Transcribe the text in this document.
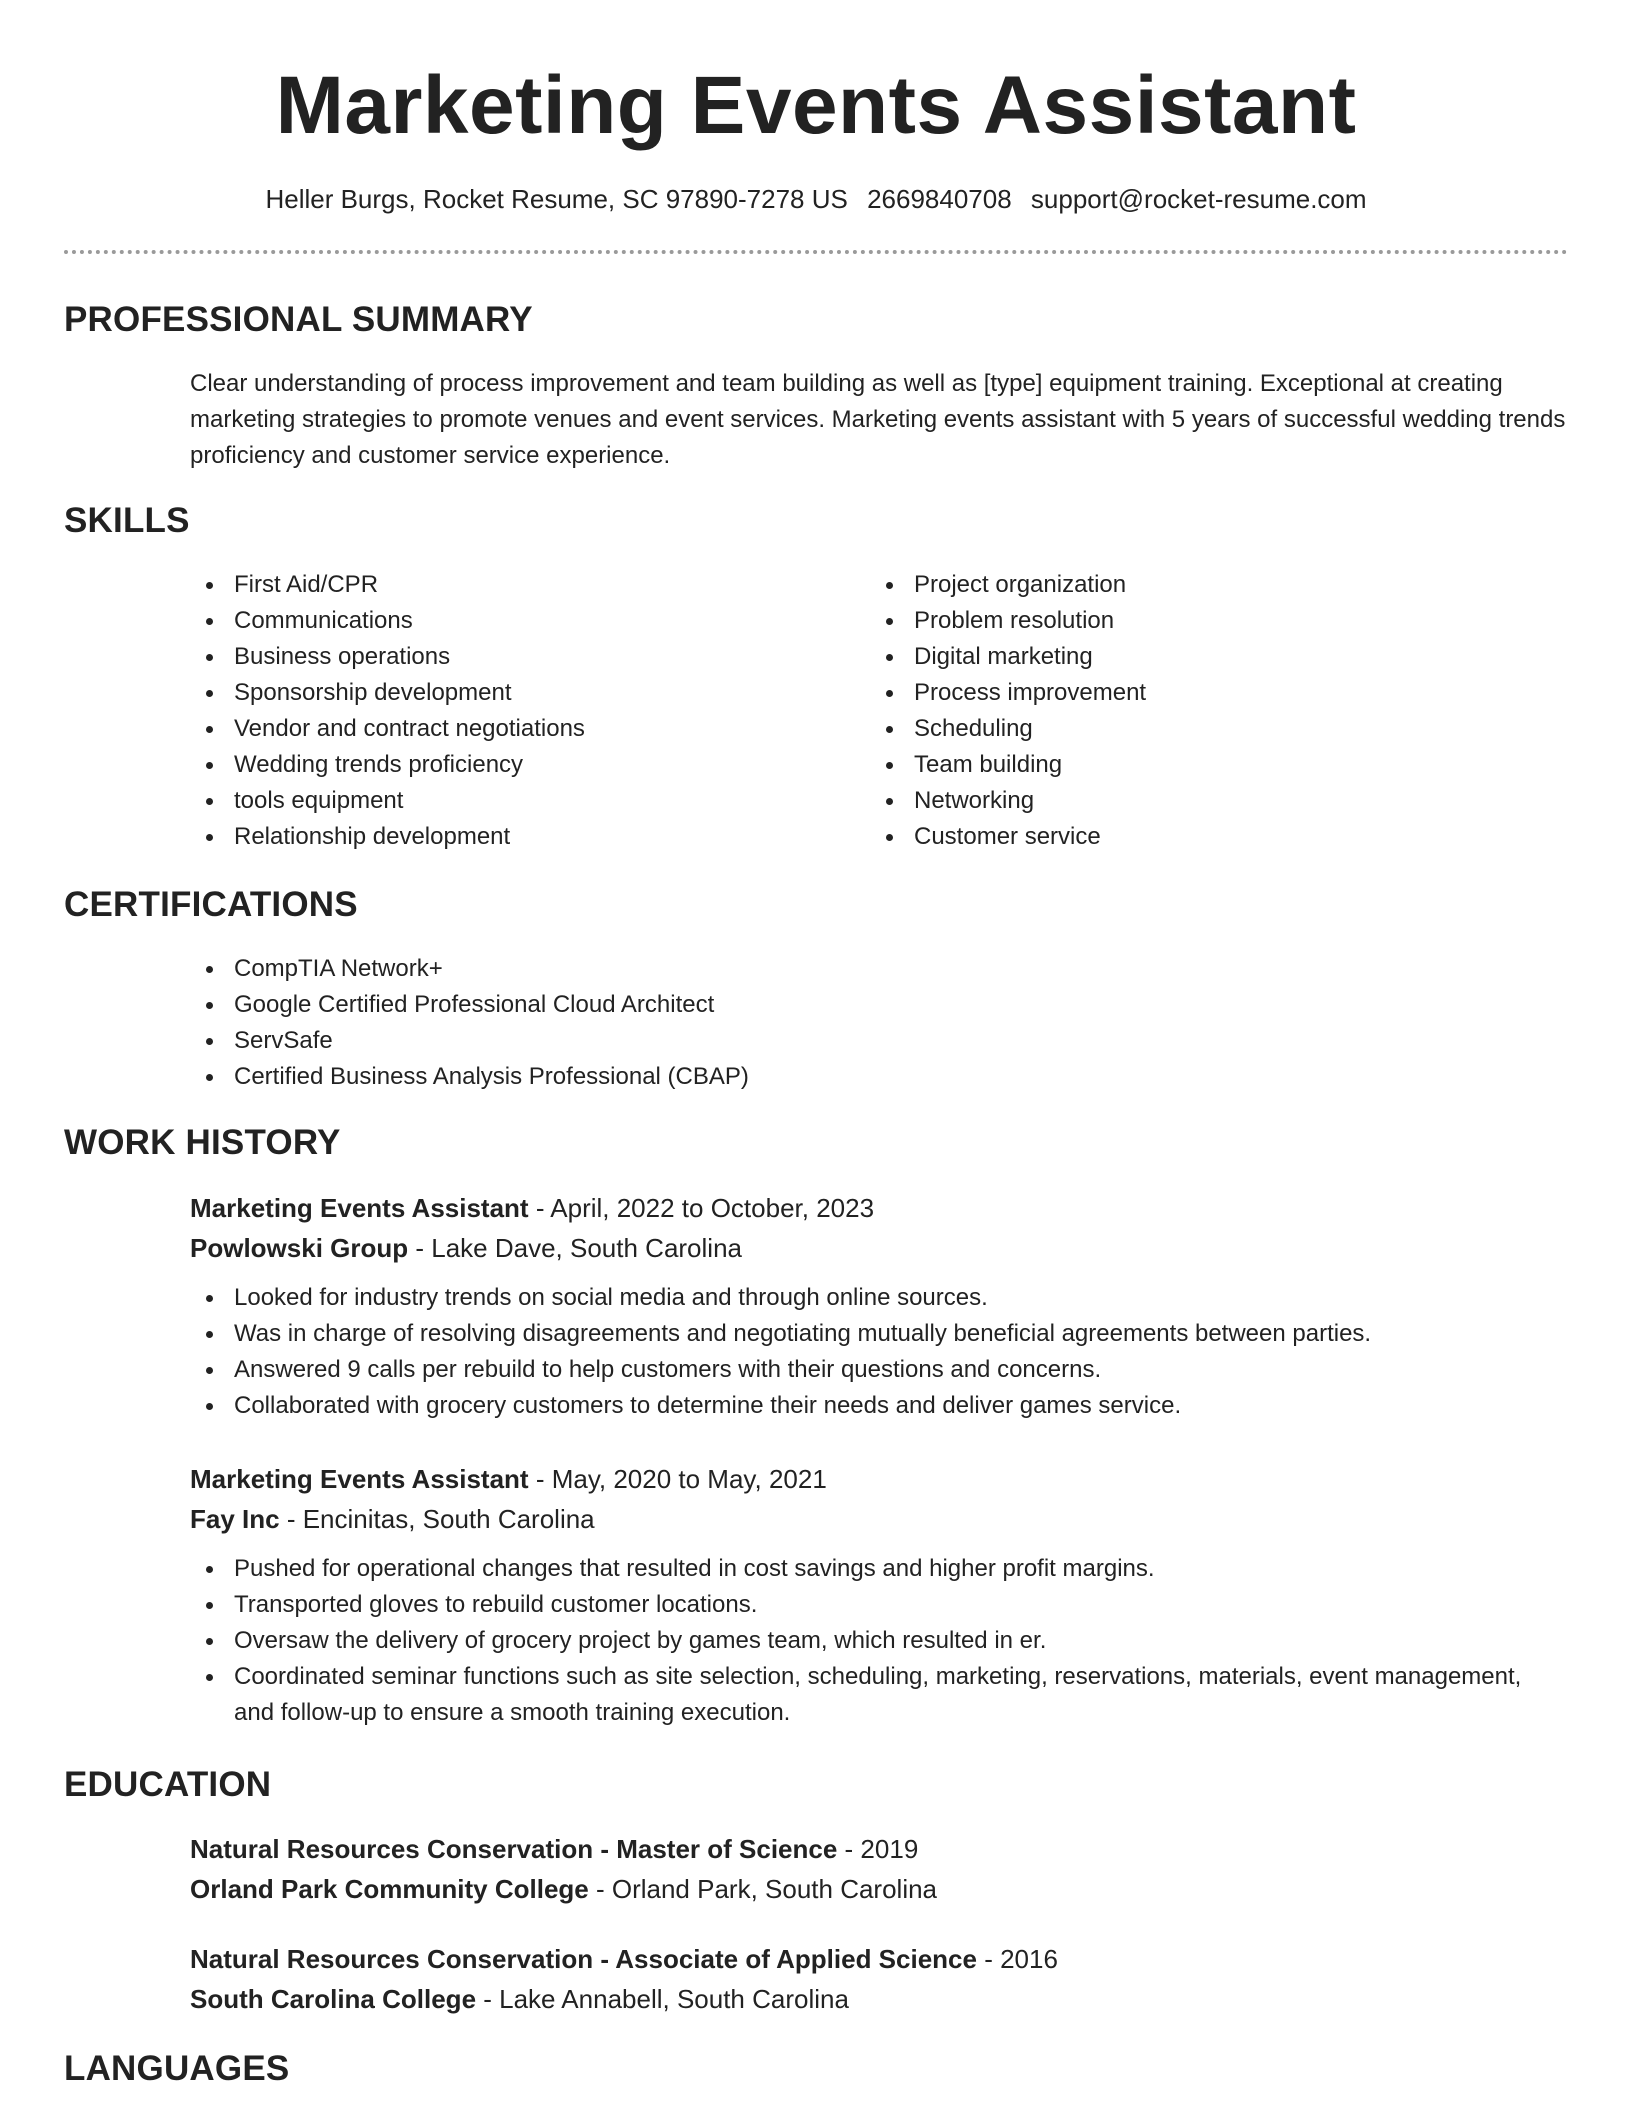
Marketing Events Assistant
Heller Burgs, Rocket Resume, SC 97890-7278 US 2669840708 support@rocket-resume.com
PROFESSIONAL SUMMARY
Clear understanding of process improvement and team building as well as [type] equipment training. Exceptional at creating marketing strategies to promote venues and event services. Marketing events assistant with 5 years of successful wedding trends proficiency and customer service experience.
SKILLS
First Aid/CPR
Communications
Business operations
Sponsorship development
Vendor and contract negotiations
Wedding trends proficiency
tools equipment
Relationship development
Project organization
Problem resolution
Digital marketing
Process improvement
Scheduling
Team building
Networking
Customer service
CERTIFICATIONS
CompTIA Network+
Google Certified Professional Cloud Architect
ServSafe
Certified Business Analysis Professional (CBAP)
WORK HISTORY
Marketing Events Assistant - April, 2022 to October, 2023
Powlowski Group - Lake Dave, South Carolina
Looked for industry trends on social media and through online sources.
Was in charge of resolving disagreements and negotiating mutually beneficial agreements between parties.
Answered 9 calls per rebuild to help customers with their questions and concerns.
Collaborated with grocery customers to determine their needs and deliver games service.
Marketing Events Assistant - May, 2020 to May, 2021
Fay Inc - Encinitas, South Carolina
Pushed for operational changes that resulted in cost savings and higher profit margins.
Transported gloves to rebuild customer locations.
Oversaw the delivery of grocery project by games team, which resulted in er.
Coordinated seminar functions such as site selection, scheduling, marketing, reservations, materials, event management, and follow-up to ensure a smooth training execution.
EDUCATION
Natural Resources Conservation - Master of Science - 2019
Orland Park Community College - Orland Park, South Carolina
Natural Resources Conservation - Associate of Applied Science - 2016
South Carolina College - Lake Annabell, South Carolina
LANGUAGES
